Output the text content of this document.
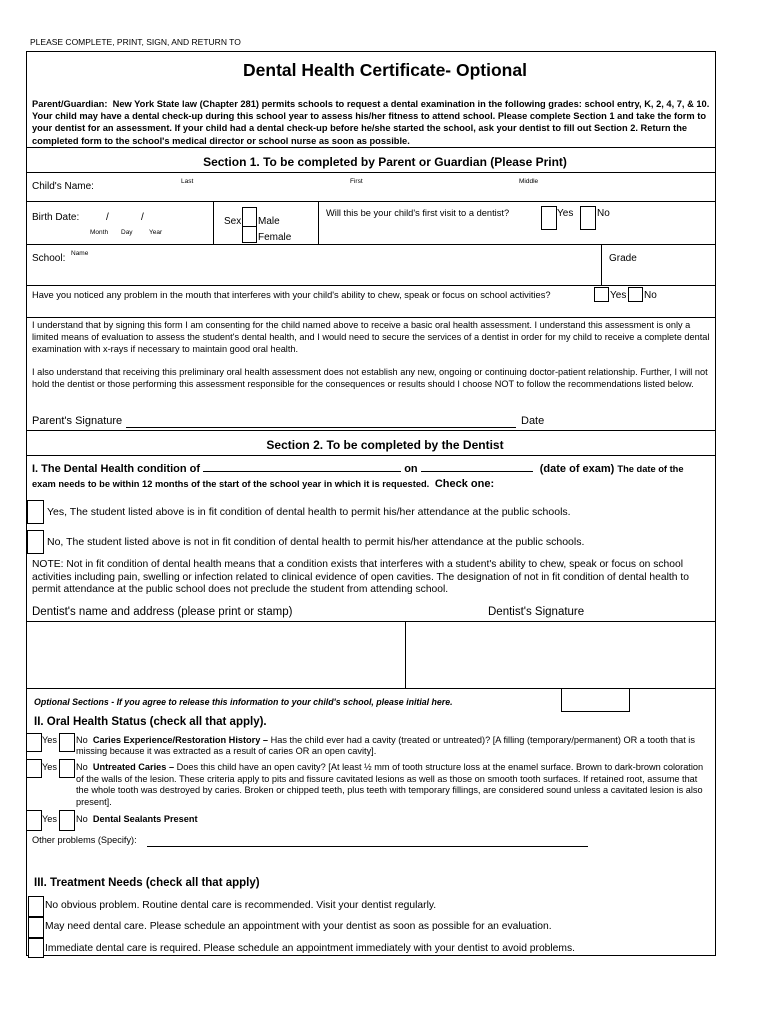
PLEASE COMPLETE, PRINT, SIGN, AND RETURN TO
Dental Health Certificate- Optional
Parent/Guardian: New York State law (Chapter 281) permits schools to request a dental examination in the following grades: school entry, K, 2, 4, 7, & 10. Your child may have a dental check-up during this school year to assess his/her fitness to attend school. Please complete Section 1 and take the form to your dentist for an assessment. If your child had a dental check-up before he/she started the school, ask your dentist to fill out Section 2. Return the completed form to the school's medical director or school nurse as soon as possible.
Section 1. To be completed by Parent or Guardian (Please Print)
Child's Name:	Last	First	Middle
Birth Date:	/	/
Month Day	Year
Sex Male
Female
Will this be your child's first visit to a dentist?	Yes No
School: Name	Grade
Have you noticed any problem in the mouth that interferes with your child's ability to chew, speak or focus on school activities?	Yes No
I understand that by signing this form I am consenting for the child named above to receive a basic oral health assessment. I understand this assessment is only a limited means of evaluation to assess the student's dental health, and I would need to secure the services of a dentist in order for my child to receive a complete dental examination with x-rays if necessary to maintain good oral health.
I also understand that receiving this preliminary oral health assessment does not establish any new, ongoing or continuing doctor-patient relationship. Further, I will not hold the dentist or those performing this assessment responsible for the consequences or results should I choose NOT to follow the recommendations listed below.
Parent's Signature	Date
Section 2. To be completed by the Dentist
I. The Dental Health condition of	on	(date of exam) The date of the
exam needs to be within 12 months of the start of the school year in which it is requested. Check one:
Yes, The student listed above is in fit condition of dental health to permit his/her attendance at the public schools.
No, The student listed above is not in fit condition of dental health to permit his/her attendance at the public schools.
NOTE: Not in fit condition of dental health means that a condition exists that interferes with a student's ability to chew, speak or focus on school activities including pain, swelling or infection related to clinical evidence of open cavities. The designation of not in fit condition of dental health to permit attendance at the public school does not preclude the student from attending school.
Dentist's name and address (please print or stamp)	Dentist's Signature
Optional Sections - If you agree to release this information to your child's school, please initial here.
II. Oral Health Status (check all that apply).
Yes No Caries Experience/Restoration History – Has the child ever had a cavity (treated or untreated)? [A filling (temporary/permanent) OR a tooth that is missing because it was extracted as a result of caries OR an open cavity].
Yes No Untreated Caries – Does this child have an open cavity? [At least ½ mm of tooth structure loss at the enamel surface. Brown to dark-brown coloration of the walls of the lesion. These criteria apply to pits and fissure cavitated lesions as well as those on smooth tooth surfaces. If retained root, assume that the whole tooth was destroyed by caries. Broken or chipped teeth, plus teeth with temporary fillings, are considered sound unless a cavitated lesion is also present].
Yes No Dental Sealants Present
Other problems (Specify):
III. Treatment Needs (check all that apply)
No obvious problem. Routine dental care is recommended. Visit your dentist regularly.
May need dental care. Please schedule an appointment with your dentist as soon as possible for an evaluation.
Immediate dental care is required. Please schedule an appointment immediately with your dentist to avoid problems.
